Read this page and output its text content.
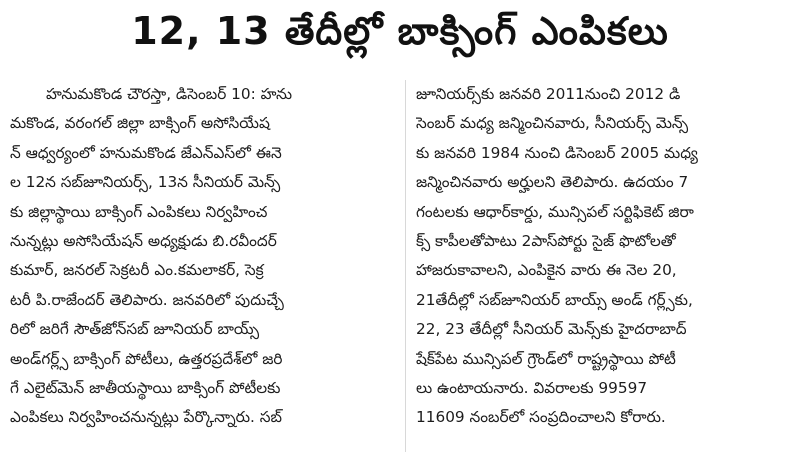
12, 13 తేదీల్లో బాక్సింగ్ ఎంపికలు
హనుమకొండ చౌరస్తా, డిసెంబర్ 10: హను
మకొండ, వరంగల్ జిల్లా బాక్సింగ్ అసోసియేష
న్ ఆధ్వర్యంలో హనుమకొండ జేఎన్ఎస్‌లో ఈనె
ల 12న సబ్‌జూనియర్స్, 13న సీనియర్ మెన్స్
కు జిల్లాస్థాయి బాక్సింగ్ ఎంపికలు నిర్వహించ
నున్నట్లు అసోసియేషన్ అధ్యక్షుడు బి.రవీందర్
కుమార్, జనరల్ సెక్రటరీ ఎం.కమలాకర్, సెక్ర
టరీ పి.రాజేందర్ తెలిపారు. జనవరిలో పుదుచ్చే
రిలో జరిగే సౌత్‌జోన్‌సబ్ జూనియర్ బాయ్స్
అండ్‌గర్ల్స్ బాక్సింగ్ పోటీలు, ఉత్తరప్రదేశ్‌లో జరి
గే ఎలైట్‌మెన్ జాతీయస్థాయి బాక్సింగ్ పోటీలకు
ఎంపికలు నిర్వహించనున్నట్లు పేర్కొన్నారు. సబ్
జూనియర్స్‌కు జనవరి 2011నుంచి 2012 డి
సెంబర్ మధ్య జన్మించినవారు, సీనియర్స్ మెన్స్
కు జనవరి 1984 నుంచి డిసెంబర్ 2005 మధ్య
జన్మించినవారు అర్హులని తెలిపారు. ఉదయం 7
గంటలకు ఆధార్‌కార్డు, మున్సిపల్ సర్టిఫికెట్ జిరా
క్స్ కాపీలతోపాటు 2పాస్‌పోర్టు సైజ్ ఫొటోలతో
హాజరుకావాలని, ఎంపికైన వారు ఈ నెల 20,
21తేదీల్లో సబ్‌జూనియర్ బాయ్స్ అండ్ గర్ల్స్‌కు,
22, 23 తేదీల్లో సీనియర్ మెన్స్‌కు హైదరాబాద్
షేక్‌పేట మున్సిపల్ గ్రౌండ్‌లో రాష్ట్రస్థాయి పోటీ
లు ఉంటాయనారు. వివరాలకు 99597
11609 నంబర్‌లో సంప్రదించాలని కోరారు.
